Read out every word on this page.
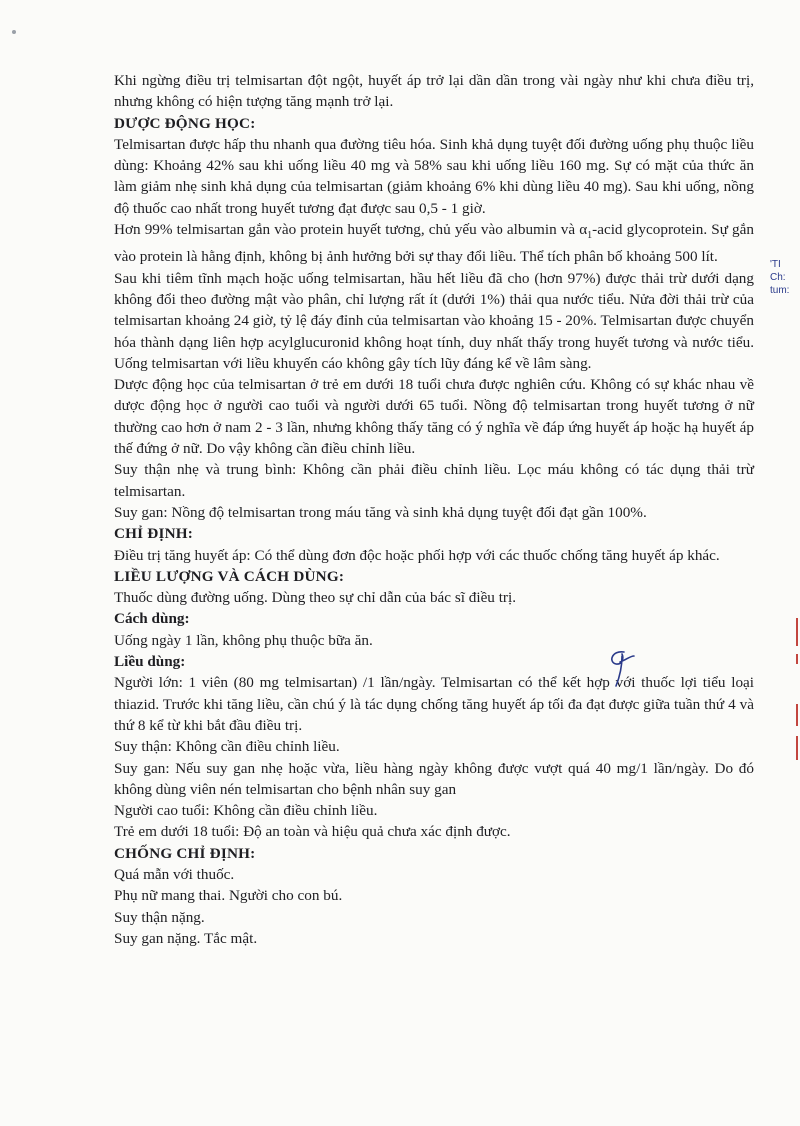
Khi ngừng điều trị telmisartan đột ngột, huyết áp trở lại dần dần trong vài ngày như khi chưa điều trị, nhưng không có hiện tượng tăng mạnh trở lại.

DƯỢC ĐỘNG HỌC:

Telmisartan được hấp thu nhanh qua đường tiêu hóa. Sinh khả dụng tuyệt đối đường uống phụ thuộc liều dùng: Khoảng 42% sau khi uống liều 40 mg và 58% sau khi uống liều 160 mg. Sự có mặt của thức ăn làm giảm nhẹ sinh khả dụng của telmisartan (giảm khoảng 6% khi dùng liều 40 mg). Sau khi uống, nồng độ thuốc cao nhất trong huyết tương đạt được sau 0,5 - 1 giờ.

Hơn 99% telmisartan gắn vào protein huyết tương, chủ yếu vào albumin và $\alpha_1$-acid glycoprotein. Sự gắn vào protein là hằng định, không bị ảnh hưởng bởi sự thay đổi liều. Thể tích phân bố khoảng 500 lít.

Sau khi tiêm tĩnh mạch hoặc uống telmisartan, hầu hết liều đã cho (hơn 97%) được thải trừ dưới dạng không đổi theo đường mật vào phân, chỉ lượng rất ít (dưới 1%) thải qua nước tiểu. Nửa đời thải trừ của telmisartan khoảng 24 giờ, tỷ lệ đáy đỉnh của telmisartan vào khoảng 15 - 20%. Telmisartan được chuyển hóa thành dạng liên hợp acylglucuronid không hoạt tính, duy nhất thấy trong huyết tương và nước tiểu. Uống telmisartan với liều khuyến cáo không gây tích lũy đáng kể về lâm sàng.

Dược động học của telmisartan ở trẻ em dưới 18 tuổi chưa được nghiên cứu. Không có sự khác nhau về dược động học ở người cao tuổi và người dưới 65 tuổi. Nồng độ telmisartan trong huyết tương ở nữ thường cao hơn ở nam 2 - 3 lần, nhưng không thấy tăng có ý nghĩa về đáp ứng huyết áp hoặc hạ huyết áp thế đứng ở nữ. Do vậy không cần điều chỉnh liều.

Suy thận nhẹ và trung bình: Không cần phải điều chỉnh liều. Lọc máu không có tác dụng thải trừ telmisartan.

Suy gan: Nồng độ telmisartan trong máu tăng và sinh khả dụng tuyệt đối đạt gần 100%.

CHỈ ĐỊNH:

Điều trị tăng huyết áp: Có thể dùng đơn độc hoặc phối hợp với các thuốc chống tăng huyết áp khác.

LIỀU LƯỢNG VÀ CÁCH DÙNG:

Thuốc dùng đường uống. Dùng theo sự chỉ dẫn của bác sĩ điều trị.

Cách dùng:

Uống ngày 1 lần, không phụ thuộc bữa ăn.

Liều dùng:

Người lớn: 1 viên (80 mg telmisartan) /1 lần/ngày. Telmisartan có thể kết hợp với thuốc lợi tiểu loại thiazid. Trước khi tăng liều, cần chú ý là tác dụng chống tăng huyết áp tối đa đạt được giữa tuần thứ 4 và thứ 8 kể từ khi bắt đầu điều trị.

Suy thận: Không cần điều chỉnh liều.

Suy gan: Nếu suy gan nhẹ hoặc vừa, liều hàng ngày không được vượt quá 40 mg/1 lần/ngày. Do đó không dùng viên nén telmisartan cho bệnh nhân suy gan

Người cao tuổi: Không cần điều chỉnh liều.

Trẻ em dưới 18 tuổi: Độ an toàn và hiệu quả chưa xác định được.

CHỐNG CHỈ ĐỊNH:

Quá mẫn với thuốc.

Phụ nữ mang thai. Người cho con bú.

Suy thận nặng.

Suy gan nặng. Tắc mật.

'TI
Ch:
tum:
